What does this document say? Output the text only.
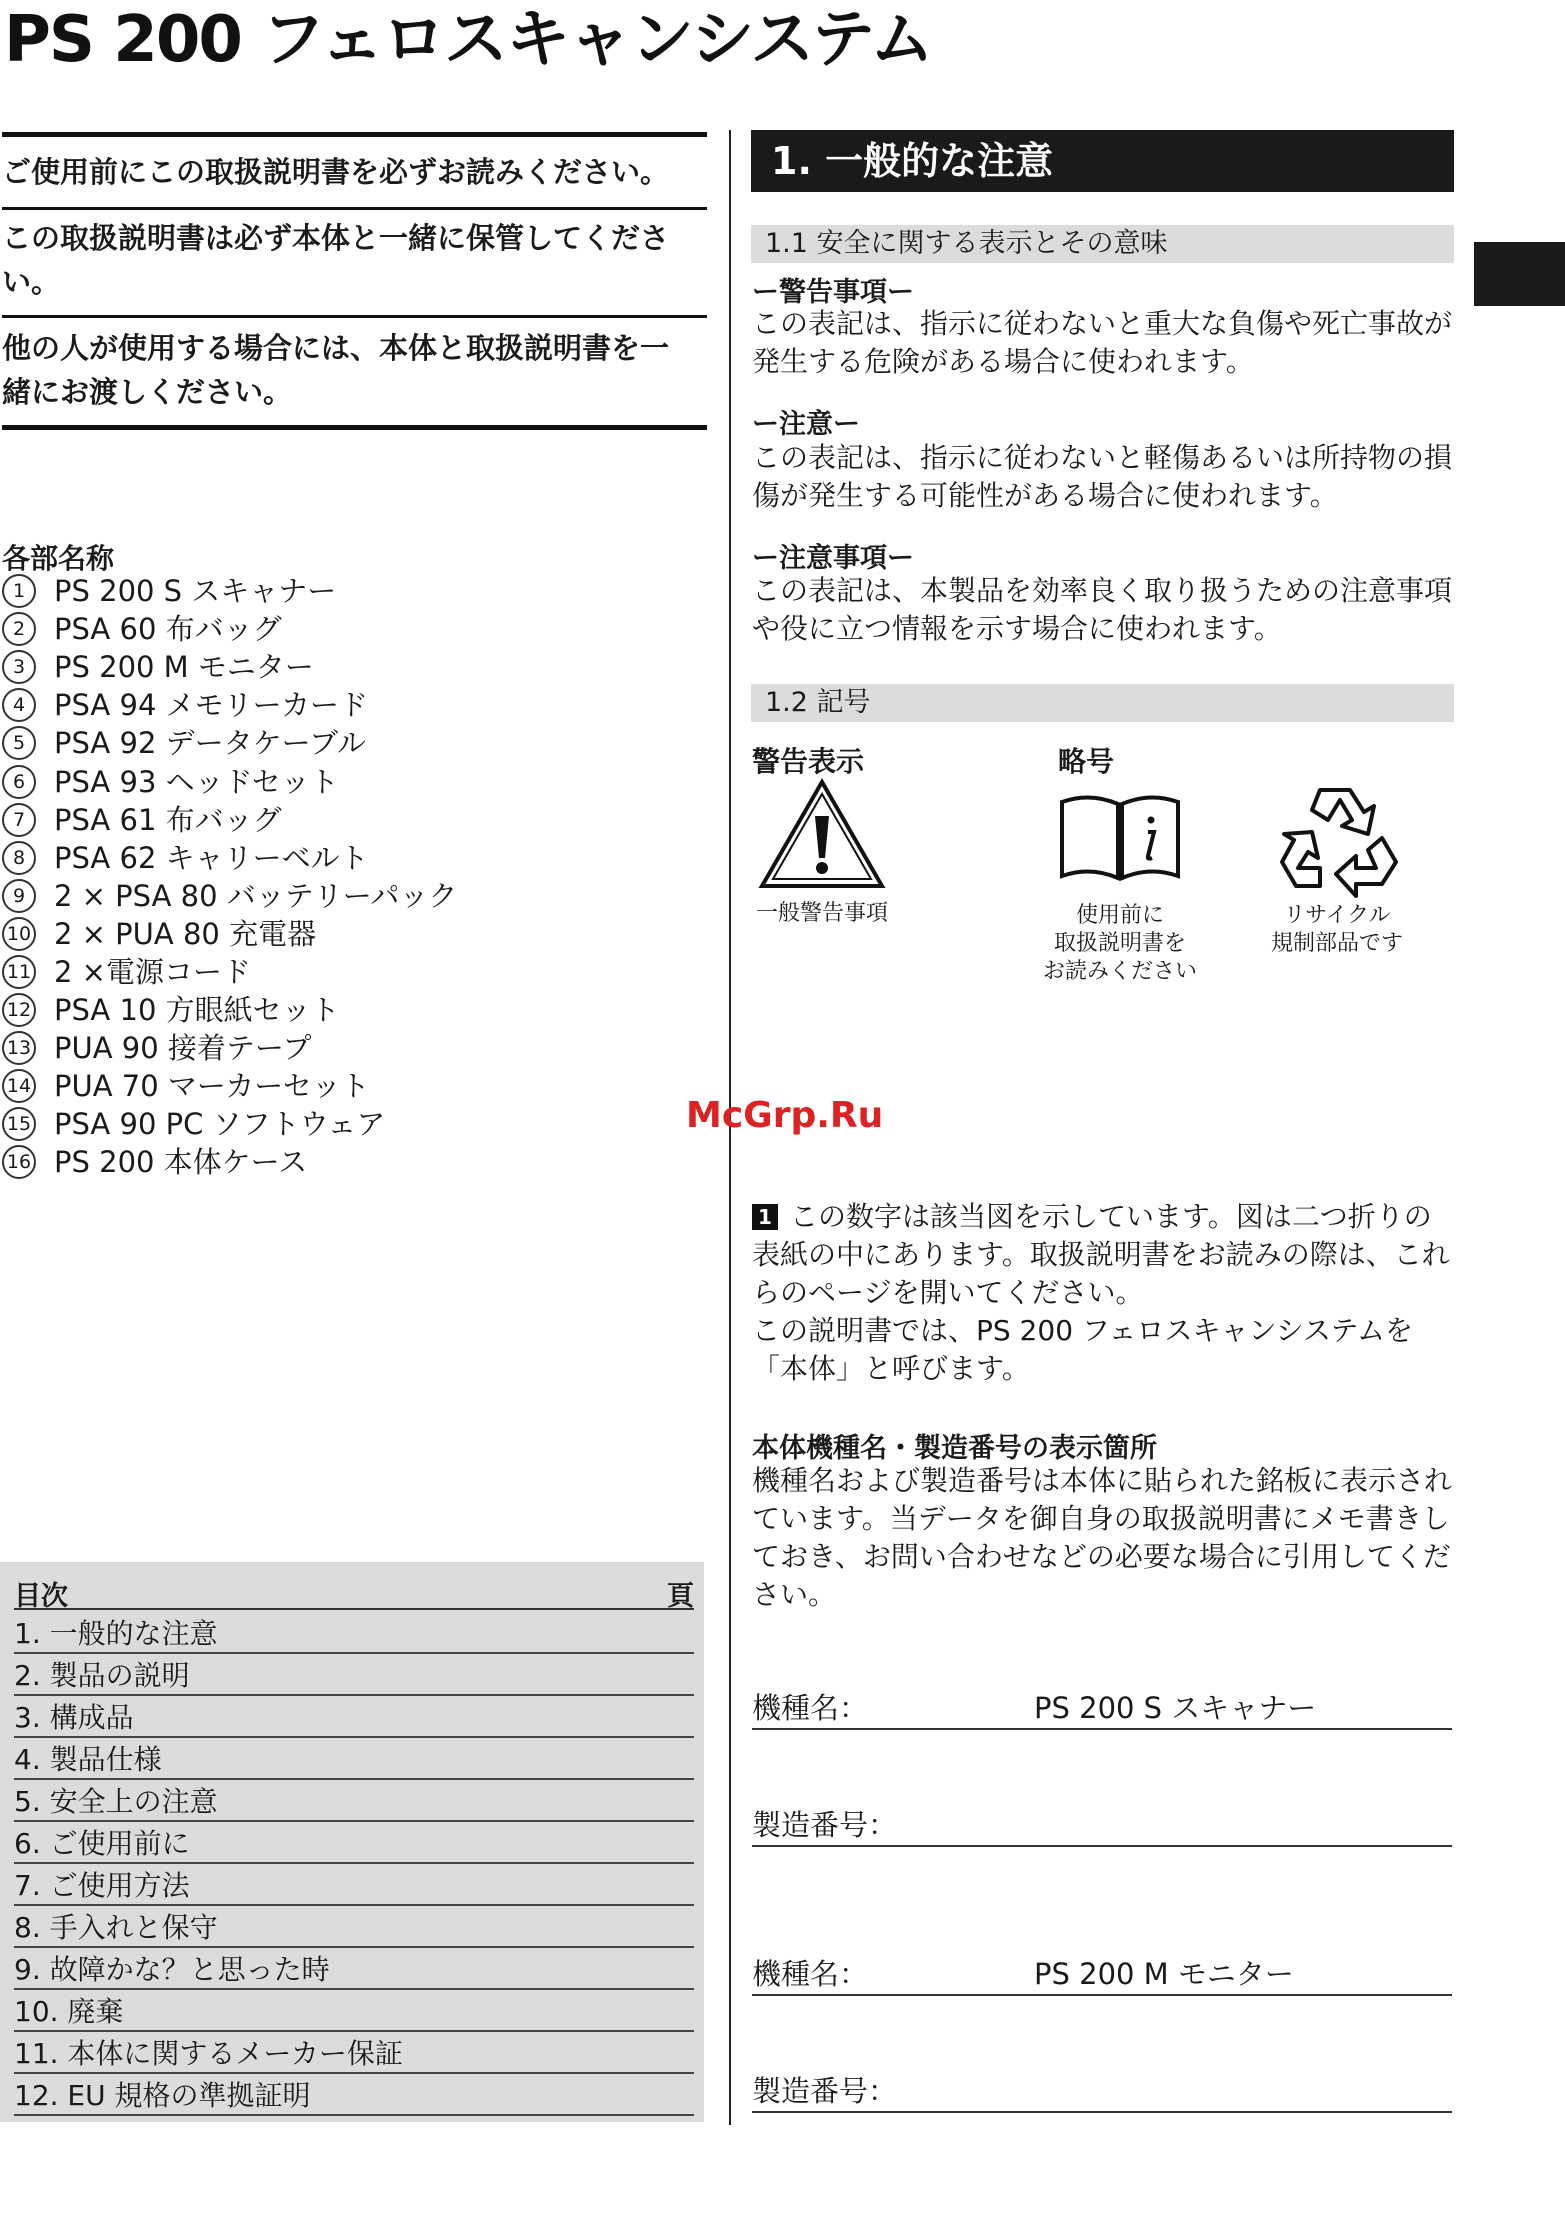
PS 200 フェロスキャンシステム
ご使用前にこの取扱説明書を必ずお読みください。
この取扱説明書は必ず本体と一緒に保管してください。
他の人が使用する場合には、本体と取扱説明書を一緒にお渡しください。
各部名称
1 PS 200 S スキャナー
2 PSA 60 布バッグ
3 PS 200 M モニター
4 PSA 94 メモリーカード
5 PSA 92 データケーブル
6 PSA 93 ヘッドセット
7 PSA 61 布バッグ
8 PSA 62 キャリーベルト
9 2 × PSA 80 バッテリーパック
10 2 × PUA 80 充電器
11 2 ×電源コード
12 PSA 10 方眼紙セット
13 PUA 90 接着テープ
14 PUA 70 マーカーセット
15 PSA 90 PC ソフトウェア
16 PS 200 本体ケース
目次	頁
1. 一般的な注意
2. 製品の説明
3. 構成品
4. 製品仕様
5. 安全上の注意
6. ご使用前に
7. ご使用方法
8. 手入れと保守
9. 故障かな？と思った時
10. 廃棄
11. 本体に関するメーカー保証
12. EU 規格の準拠証明
1. 一般的な注意
1.1 安全に関する表示とその意味
ー警告事項ー
この表記は、指示に従わないと重大な負傷や死亡事故が発生する危険がある場合に使われます。
ー注意ー
この表記は、指示に従わないと軽傷あるいは所持物の損傷が発生する可能性がある場合に使われます。
ー注意事項ー
この表記は、本製品を効率良く取り扱うための注意事項や役に立つ情報を示す場合に使われます。
1.2 記号
警告表示	略号
一般警告事項	使用前に
取扱説明書を
お読みください
リサイクル
規制部品です
McGrp.Ru
1 この数字は該当図を示しています。図は二つ折りの表紙の中にあります。取扱説明書をお読みの際は、これらのページを開いてください。
この説明書では、PS 200 フェロスキャンシステムを「本体」と呼びます。
本体機種名・製造番号の表示箇所
機種名および製造番号は本体に貼られた銘板に表示されています。当データを御自身の取扱説明書にメモ書きしておき、お問い合わせなどの必要な場合に引用してください。
機種名：	PS 200 S スキャナー
製造番号：
機種名：	PS 200 M モニター
製造番号：
